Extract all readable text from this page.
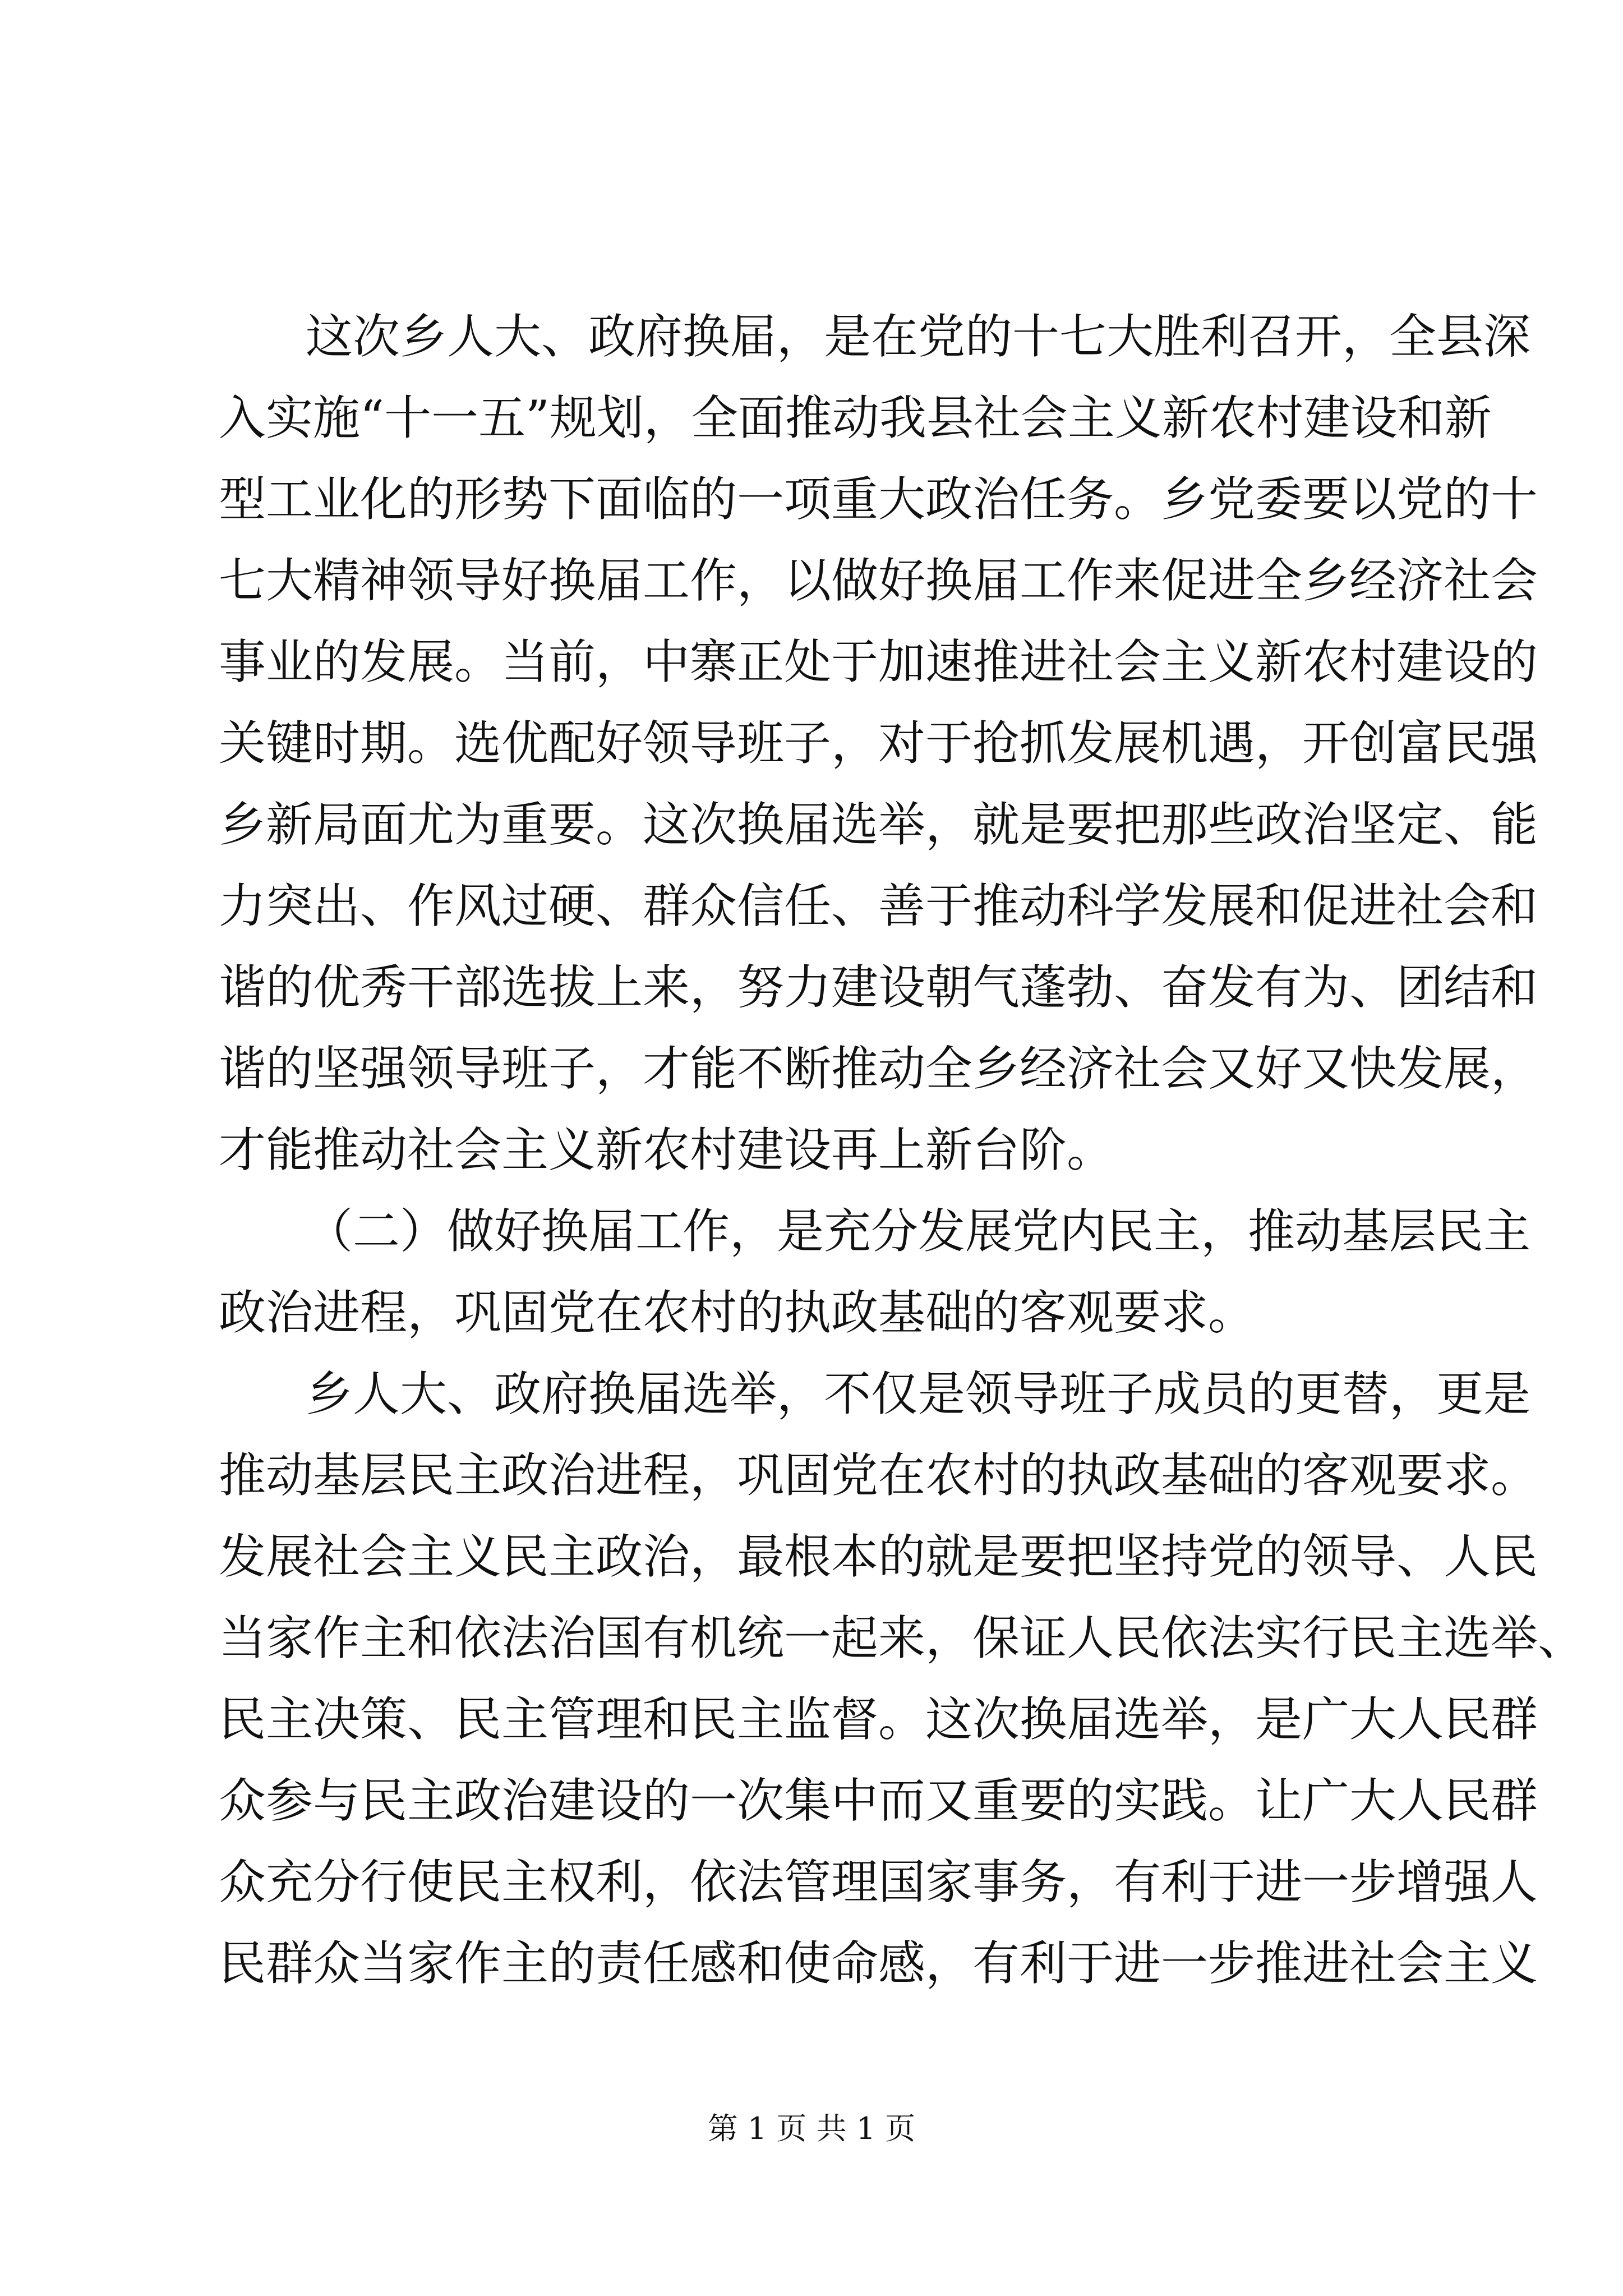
这次乡人大、政府换届，是在党的十七大胜利召开，全县深
入实施“十一五”规划，全面推动我县社会主义新农村建设和新
型工业化的形势下面临的一项重大政治任务。乡党委要以党的十
七大精神领导好换届工作，以做好换届工作来促进全乡经济社会
事业的发展。当前，中寨正处于加速推进社会主义新农村建设的
关键时期。选优配好领导班子，对于抢抓发展机遇，开创富民强
乡新局面尤为重要。这次换届选举，就是要把那些政治坚定、能
力突出、作风过硬、群众信任、善于推动科学发展和促进社会和
谐的优秀干部选拔上来，努力建设朝气蓬勃、奋发有为、团结和
谐的坚强领导班子，才能不断推动全乡经济社会又好又快发展，
才能推动社会主义新农村建设再上新台阶。
（二）做好换届工作，是充分发展党内民主，推动基层民主
政治进程，巩固党在农村的执政基础的客观要求。
乡人大、政府换届选举，不仅是领导班子成员的更替，更是
推动基层民主政治进程，巩固党在农村的执政基础的客观要求。
发展社会主义民主政治，最根本的就是要把坚持党的领导、人民
当家作主和依法治国有机统一起来，保证人民依法实行民主选举、
民主决策、民主管理和民主监督。这次换届选举，是广大人民群
众参与民主政治建设的一次集中而又重要的实践。让广大人民群
众充分行使民主权利，依法管理国家事务，有利于进一步增强人
民群众当家作主的责任感和使命感，有利于进一步推进社会主义
第 1 页 共 1 页
